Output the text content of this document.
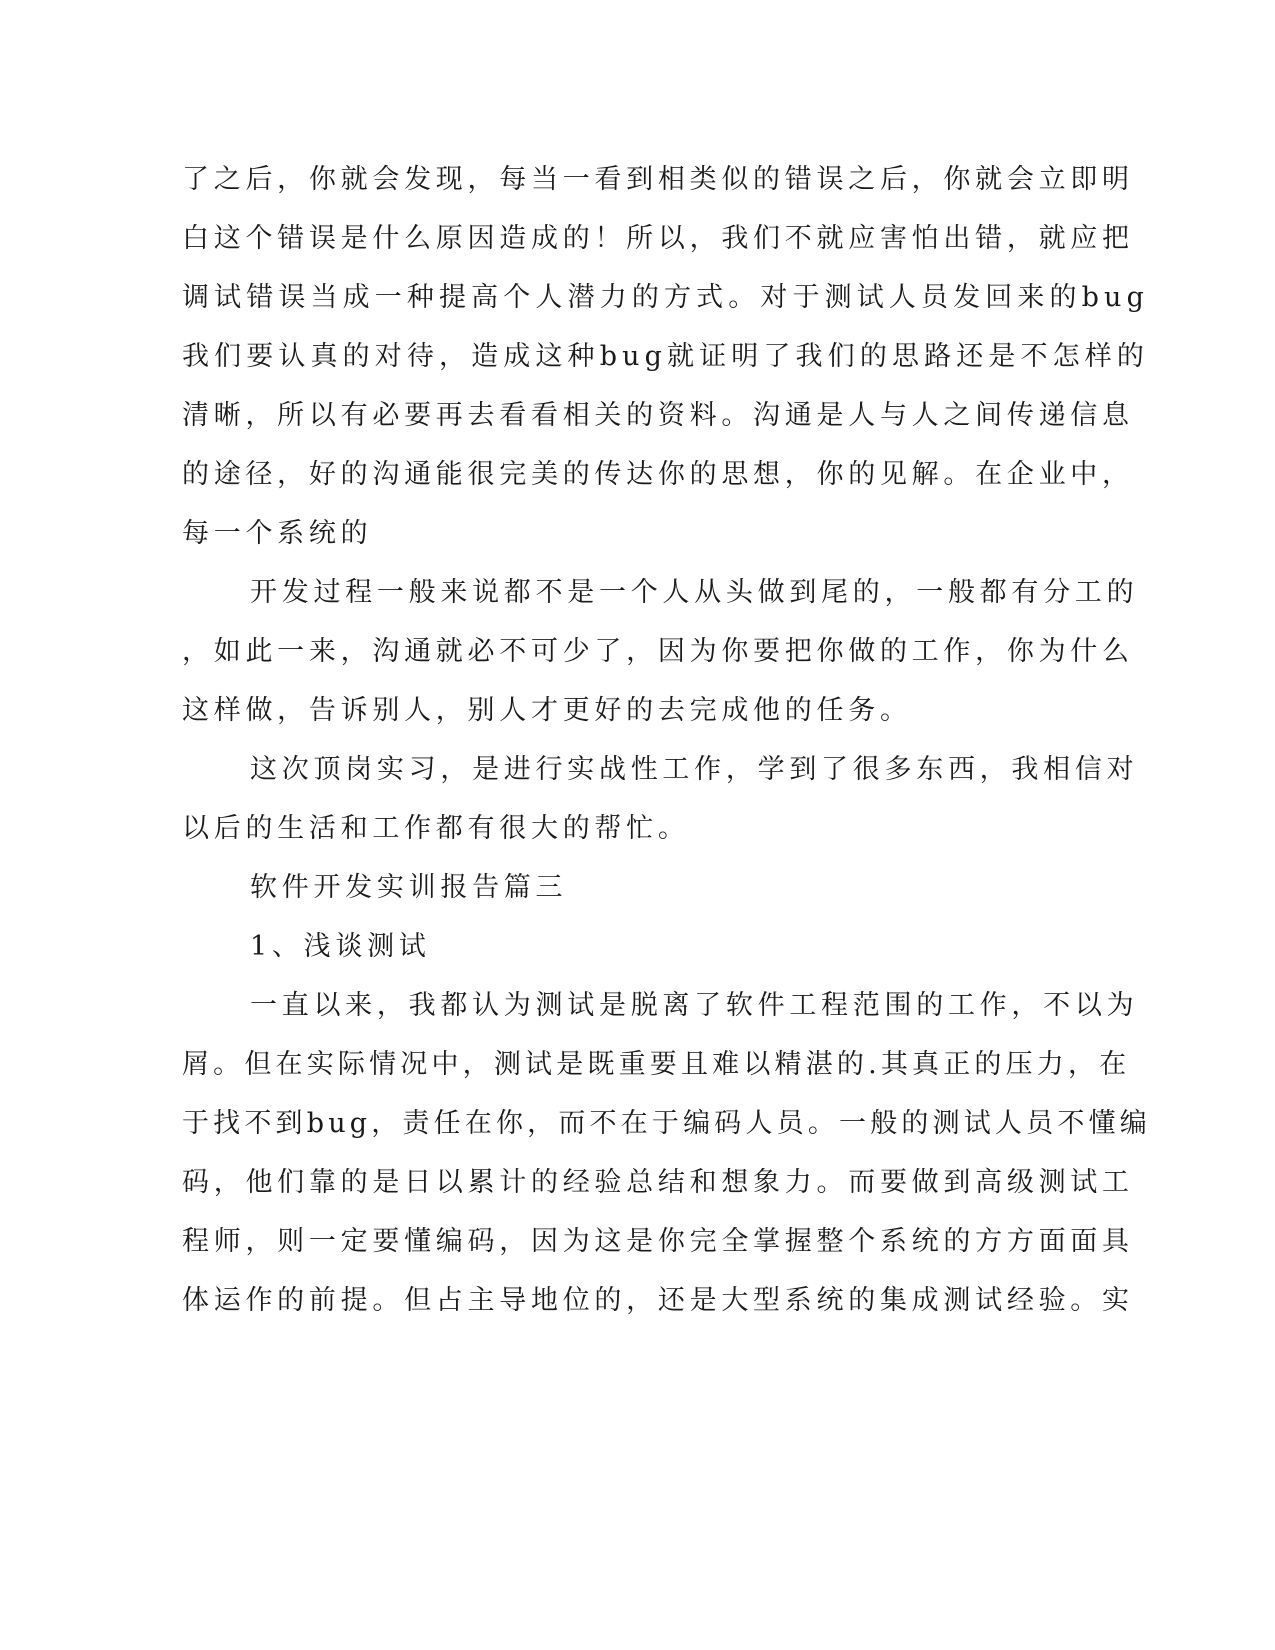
了之后，你就会发现，每当一看到相类似的错误之后，你就会立即明
白这个错误是什么原因造成的！所以，我们不就应害怕出错，就应把
调试错误当成一种提高个人潜力的方式。对于测试人员发回来的bug
我们要认真的对待，造成这种bug就证明了我们的思路还是不怎样的
清晰，所以有必要再去看看相关的资料。沟通是人与人之间传递信息
的途径，好的沟通能很完美的传达你的思想，你的见解。在企业中，
每一个系统的
开发过程一般来说都不是一个人从头做到尾的，一般都有分工的
，如此一来，沟通就必不可少了，因为你要把你做的工作，你为什么
这样做，告诉别人，别人才更好的去完成他的任务。
这次顶岗实习，是进行实战性工作，学到了很多东西，我相信对
以后的生活和工作都有很大的帮忙。
软件开发实训报告篇三
1、浅谈测试
一直以来，我都认为测试是脱离了软件工程范围的工作，不以为
屑。但在实际情况中，测试是既重要且难以精湛的.其真正的压力，在
于找不到bug，责任在你，而不在于编码人员。一般的测试人员不懂编
码，他们靠的是日以累计的经验总结和想象力。而要做到高级测试工
程师，则一定要懂编码，因为这是你完全掌握整个系统的方方面面具
体运作的前提。但占主导地位的，还是大型系统的集成测试经验。实
